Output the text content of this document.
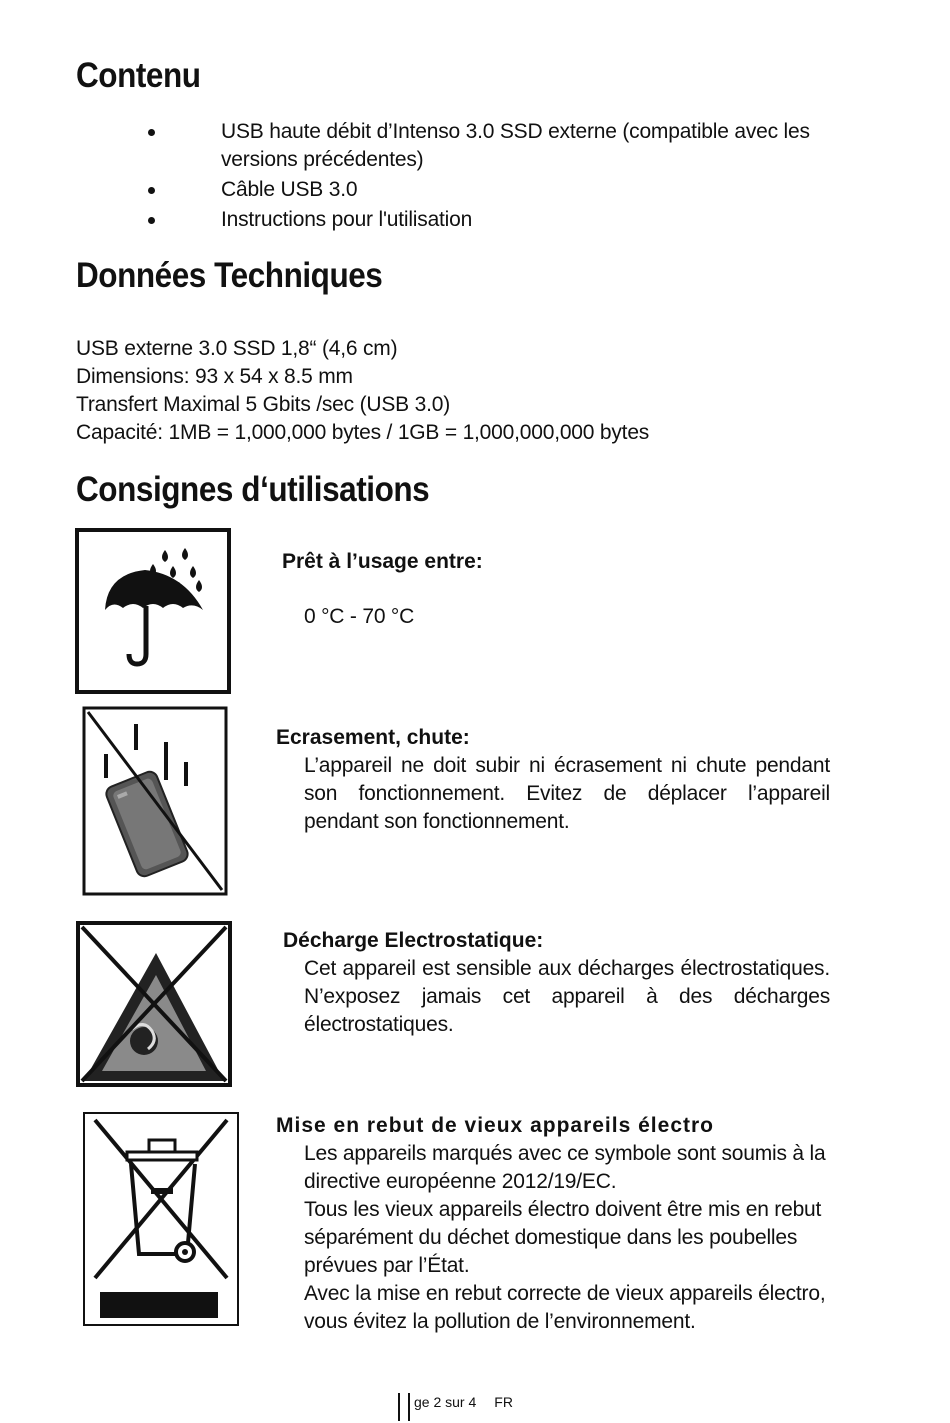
Contenu
USB haute débit d’Intenso 3.0 SSD externe (compatible avec les versions précédentes)
Câble USB 3.0
Instructions pour l'utilisation
Données Techniques
USB externe 3.0 SSD 1,8“ (4,6 cm)
Dimensions: 93 x 54 x 8.5 mm
Transfert Maximal 5 Gbits /sec (USB 3.0)
Capacité: 1MB = 1,000,000 bytes / 1GB = 1,000,000,000 bytes
Consignes d‘utilisations
Prêt à l’usage entre:
0 °C - 70 °C
Ecrasement, chute:
L’appareil ne doit subir ni écrasement ni chute pendant son fonctionnement. Evitez de déplacer l’appareil pendant son fonctionnement.
Décharge Electrostatique:
Cet appareil est sensible aux décharges électrostatiques. N’exposez jamais cet appareil à des décharges électrostatiques.
Mise en rebut de vieux appareils électro

Les appareils marqués avec ce symbole sont soumis à la directive européenne 2012/19/EC.

Tous les vieux appareils électro doivent être mis en rebut séparément du déchet domestique dans les poubelles prévues par l’État.

Avec la mise en rebut correcte de vieux appareils électro, vous évitez la pollution de l’environnement.

ge 2 sur 4 FR
